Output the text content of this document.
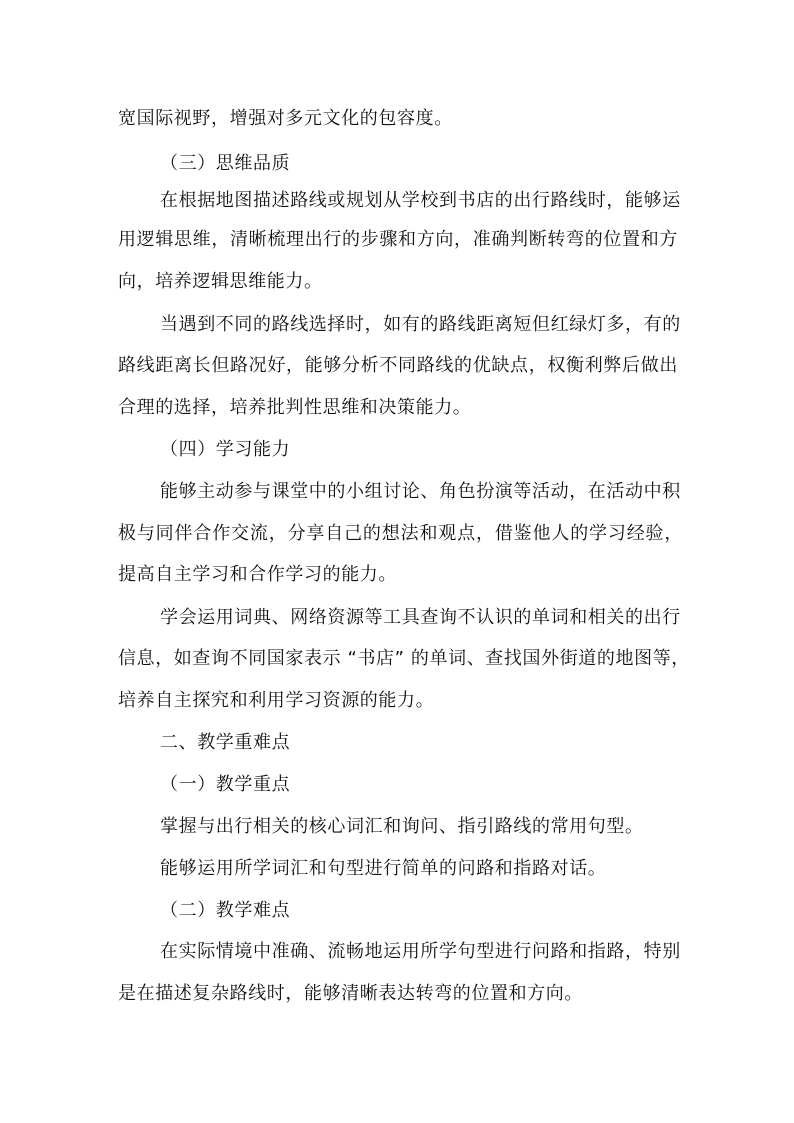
宽国际视野，增强对多元文化的包容度。
（三）思维品质
在根据地图描述路线或规划从学校到书店的出行路线时，能够运
用逻辑思维，清晰梳理出行的步骤和方向，准确判断转弯的位置和方
向，培养逻辑思维能力。
当遇到不同的路线选择时，如有的路线距离短但红绿灯多，有的
路线距离长但路况好，能够分析不同路线的优缺点，权衡利弊后做出
合理的选择，培养批判性思维和决策能力。
（四）学习能力
能够主动参与课堂中的小组讨论、角色扮演等活动，在活动中积
极与同伴合作交流，分享自己的想法和观点，借鉴他人的学习经验，
提高自主学习和合作学习的能力。
学会运用词典、网络资源等工具查询不认识的单词和相关的出行
信息，如查询不同国家表示 “书店” 的单词、查找国外街道的地图等，
培养自主探究和利用学习资源的能力。
二、教学重难点
（一）教学重点
掌握与出行相关的核心词汇和询问、指引路线的常用句型。
能够运用所学词汇和句型进行简单的问路和指路对话。
（二）教学难点
在实际情境中准确、流畅地运用所学句型进行问路和指路，特别
是在描述复杂路线时，能够清晰表达转弯的位置和方向。
